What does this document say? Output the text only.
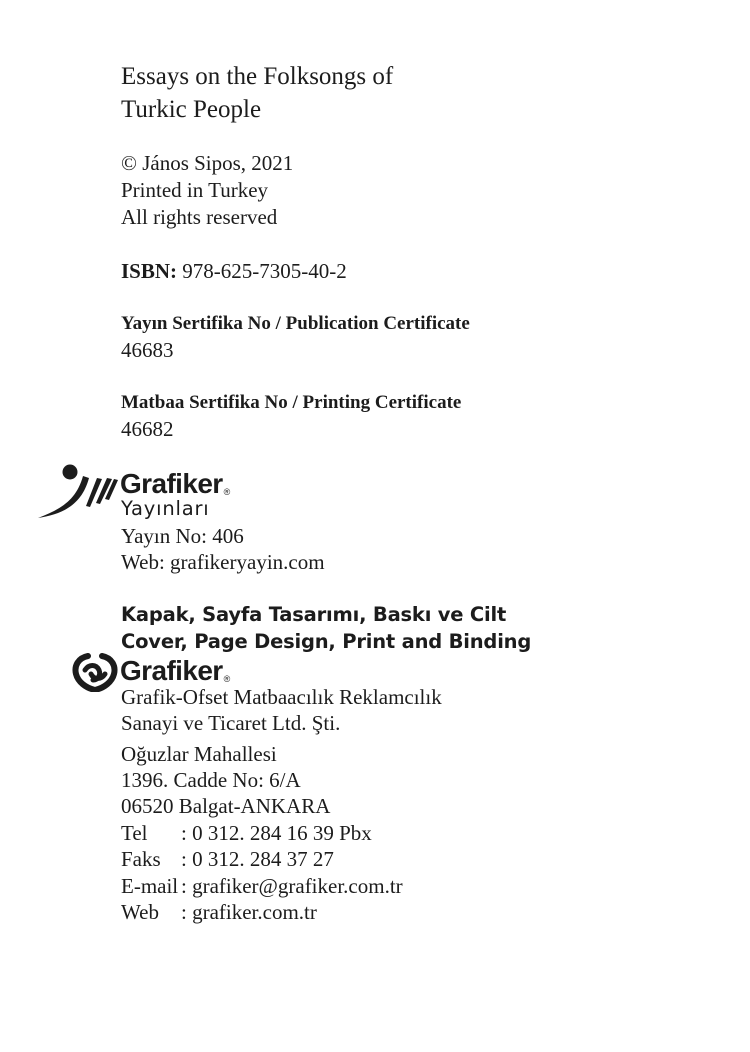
Essays on the Folksongs of
Turkic People
© János Sipos, 2021
Printed in Turkey
All rights reserved
ISBN: 978-625-7305-40-2
Yayın Sertifika No / Publication Certificate
46683
Matbaa Sertifika No / Printing Certificate
46682
Grafiker®
Yayınları
Yayın No: 406
Web: grafikeryayin.com
Kapak, Sayfa Tasarımı, Baskı ve Cilt
Cover, Page Design, Print and Binding
Grafiker®
Grafik-Ofset Matbaacılık Reklamcılık
Sanayi ve Ticaret Ltd. Şti.
Oğuzlar Mahallesi
1396. Cadde No: 6/A
06520 Balgat-ANKARA
Tel : 0 312. 284 16 39 Pbx
Faks : 0 312. 284 37 27
E-mail : grafiker@grafiker.com.tr
Web : grafiker.com.tr
